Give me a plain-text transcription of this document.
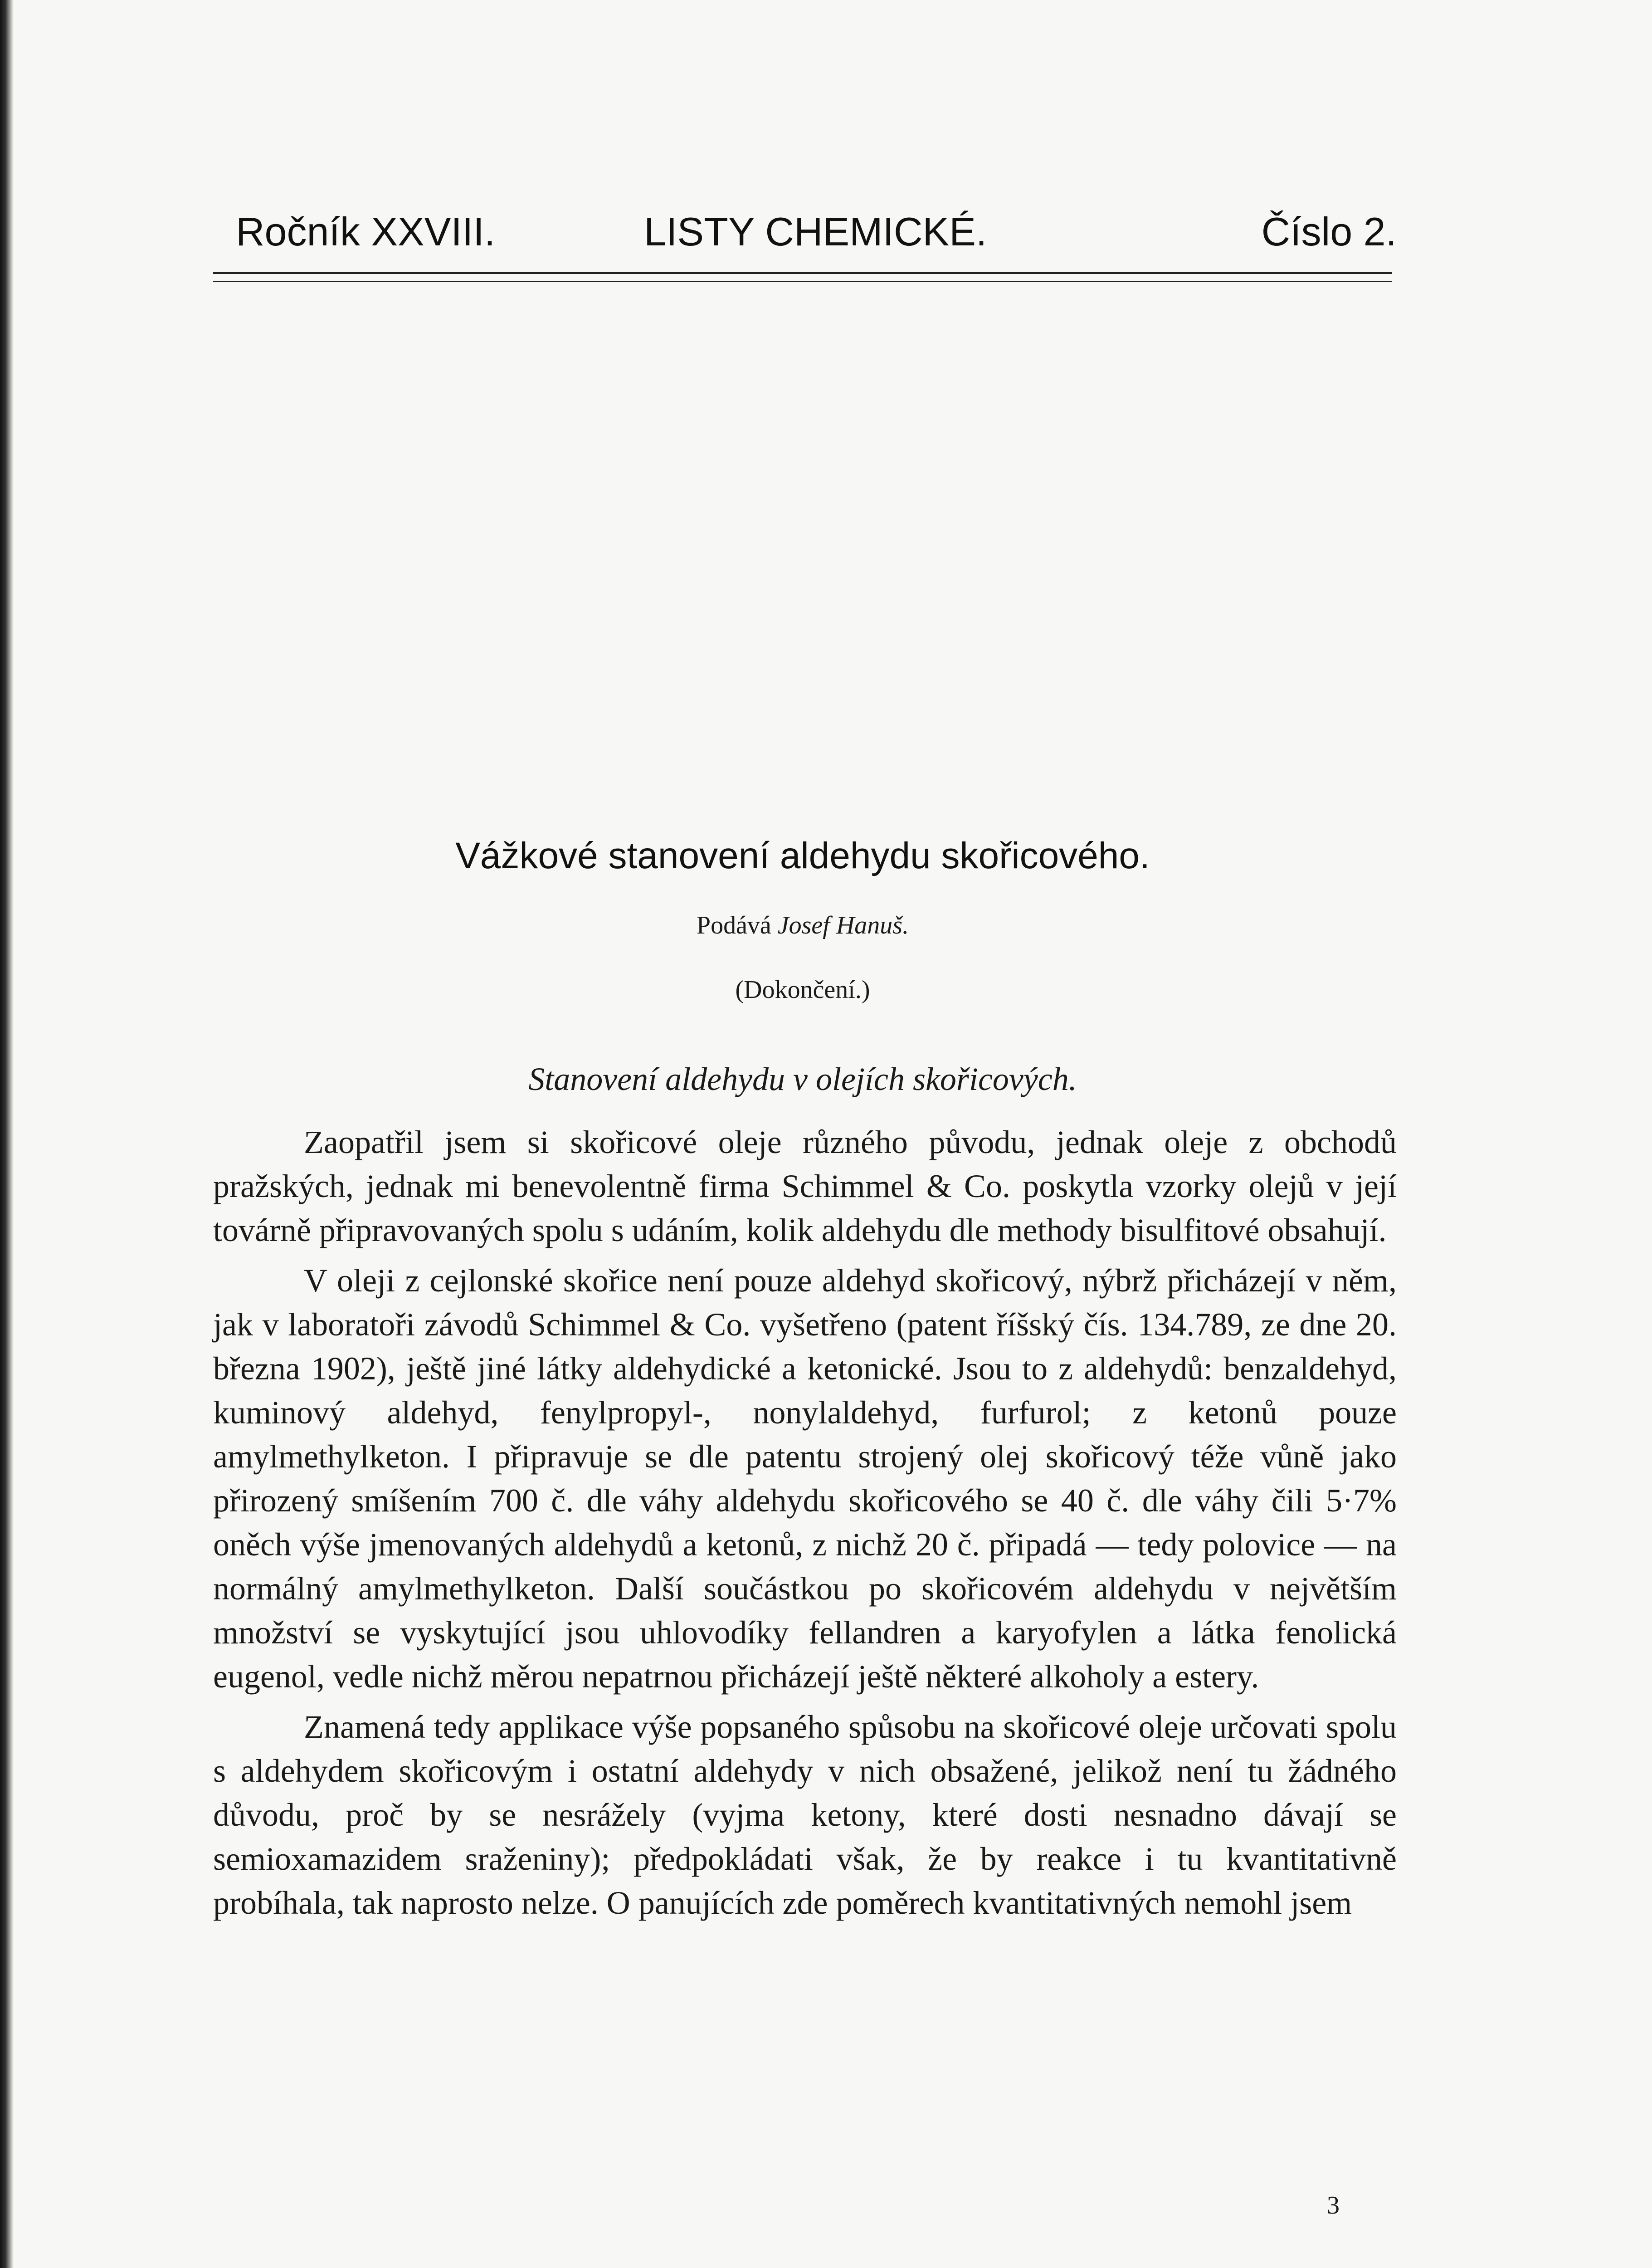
Ročník XXVIII.	LISTY CHEMICKÉ.	Číslo 2.
Vážkové stanovení aldehydu skořicového.
Podává Josef Hanuš.
(Dokončení.)
Stanovení aldehydu v olejích skořicových.

Zaopatřil jsem si skořicové oleje různého původu, jednak oleje z obchodů pražských, jednak mi benevolentně firma Schimmel & Co. poskytla vzorky olejů v její továrně připravovaných spolu s udáním, kolik aldehydu dle methody bisulfitové obsahují.

V oleji z cejlonské skořice není pouze aldehyd skořicový, nýbrž přicházejí v něm, jak v laboratoři závodů Schimmel & Co. vyšetřeno (patent říšský čís. 134.789, ze dne 20. března 1902), ještě jiné látky aldehydické a ketonické. Jsou to z aldehydů: benzaldehyd, kuminový aldehyd, fenylpropyl-, nonylaldehyd, furfurol; z ketonů pouze amylmethylketon. I připravuje se dle patentu strojený olej skořicový téže vůně jako přirozený smíšením 700 č. dle váhy aldehydu skořicového se 40 č. dle váhy čili 5·7% oněch výše jmenovaných aldehydů a ketonů, z nichž 20 č. připadá — tedy polovice — na normálný amylmethylketon. Další součástkou po skořicovém aldehydu v největším množství se vyskytující jsou uhlovodíky fellandren a karyofylen a látka fenolická eugenol, vedle nichž měrou nepatrnou přicházejí ještě některé alkoholy a estery.

Znamená tedy applikace výše popsaného spůsobu na skořicové oleje určovati spolu s aldehydem skořicovým i ostatní aldehydy v nich obsažené, jelikož není tu žádného důvodu, proč by se nesrážely (vyjma ketony, které dosti nesnadno dávají se semioxamazidem sraženiny); předpokládati však, že by reakce i tu kvantitativně probíhala, tak naprosto nelze. O panujících zde poměrech kvantitativných nemohl jsem

3
